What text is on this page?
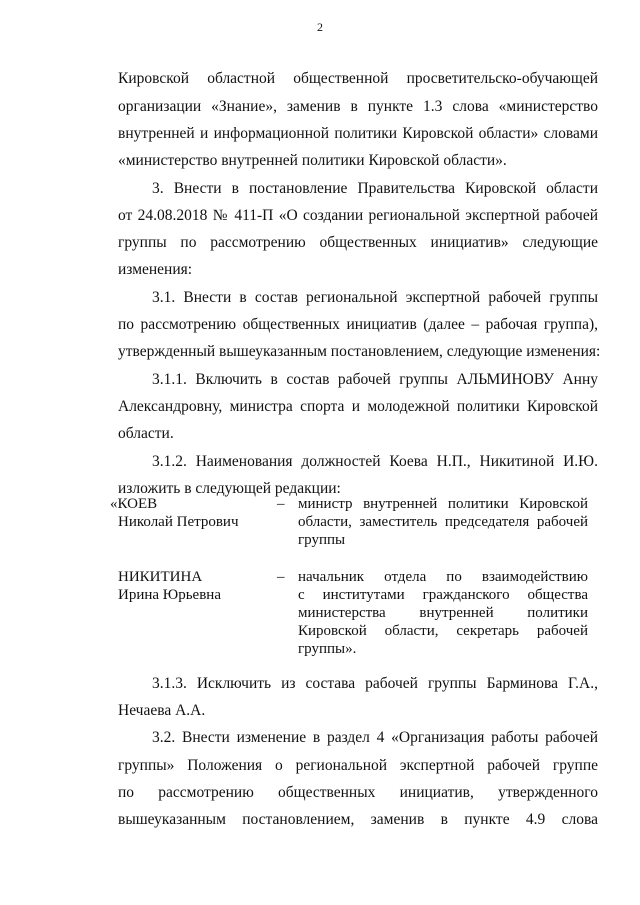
2
Кировской областной общественной просветительско-обучающей
организации «Знание», заменив в пункте 1.3 слова «министерство
внутренней и информационной политики Кировской области» словами
«министерство внутренней политики Кировской области».
3. Внести в постановление Правительства Кировской области
от 24.08.2018 № 411-П «О создании региональной экспертной рабочей
группы по рассмотрению общественных инициатив» следующие
изменения:
3.1. Внести в состав региональной экспертной рабочей группы
по рассмотрению общественных инициатив (далее – рабочая группа),
утвержденный вышеуказанным постановлением, следующие изменения:
3.1.1. Включить в состав рабочей группы АЛЬМИНОВУ Анну
Александровну, министра спорта и молодежной политики Кировской
области.
3.1.2. Наименования должностей Коева Н.П., Никитиной И.Ю.
изложить в следующей редакции:
«КОЕВ
Николай Петрович
– министр внутренней политики Кировской
области, заместитель председателя рабочей
группы
НИКИТИНА
Ирина Юрьевна
– начальник отдела по взаимодействию
с институтами гражданского общества
министерства внутренней политики
Кировской области, секретарь рабочей
группы».
3.1.3. Исключить из состава рабочей группы Барминова Г.А.,
Нечаева А.А.
3.2. Внести изменение в раздел 4 «Организация работы рабочей
группы» Положения о региональной экспертной рабочей группе
по рассмотрению общественных инициатив, утвержденного
вышеуказанным постановлением, заменив в пункте 4.9 слова
